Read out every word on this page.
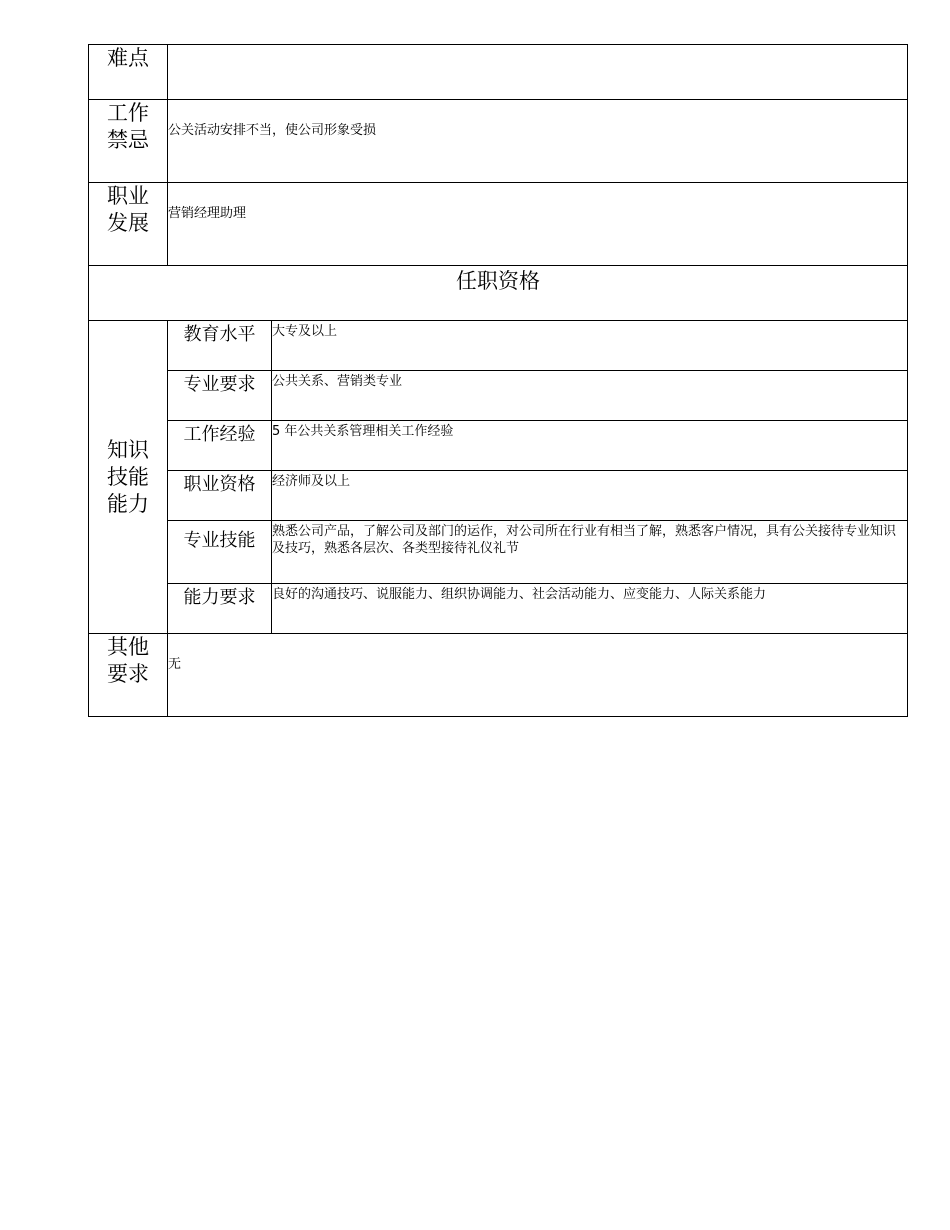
难点		
工作
禁忌	公关活动安排不当，使公司形象受损	
职业
发展	营销经理助理	
任职资格		
知识
技能
能力	教育水平	大专及以上
	专业要求	公共关系、营销类专业
	工作经验	5 年公共关系管理相关工作经验
	职业资格	经济师及以上
	专业技能	熟悉公司产品，了解公司及部门的运作，对公司所在行业有相当了解，熟悉客户情况，具有公关接待专业知识及技巧，熟悉各层次、各类型接待礼仪礼节
	能力要求	良好的沟通技巧、说服能力、组织协调能力、社会活动能力、应变能力、人际关系能力
其他
要求	无	
